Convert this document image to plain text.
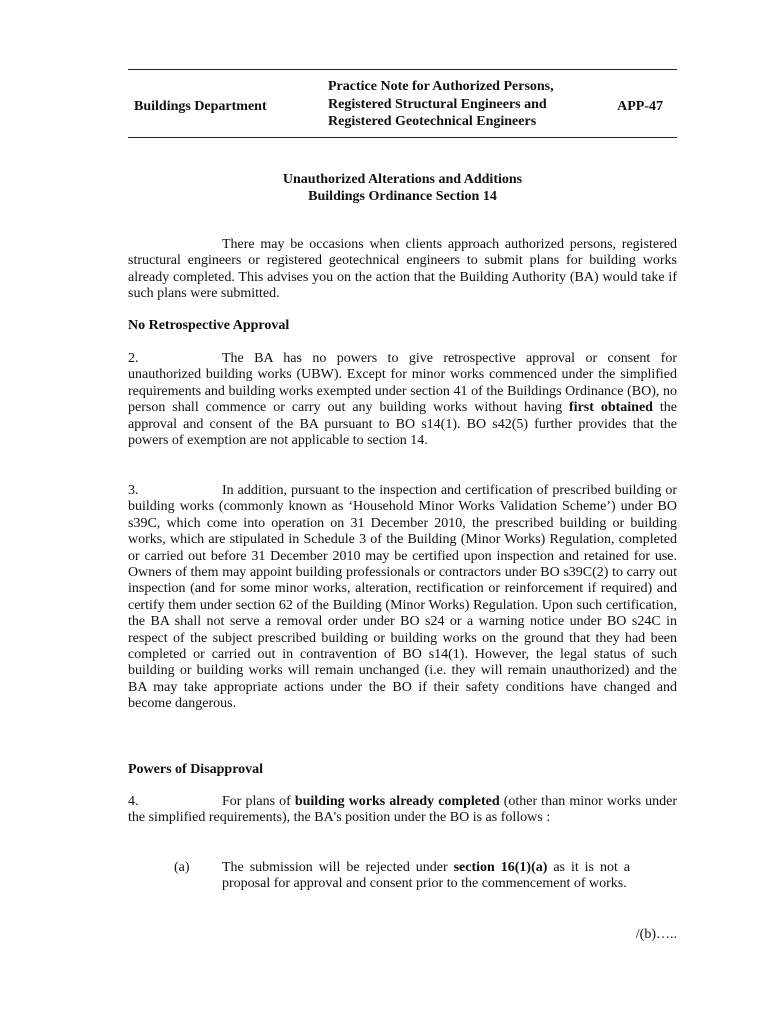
Buildings Department
Practice Note for Authorized Persons,
Registered Structural Engineers and
Registered Geotechnical Engineers
APP-47
Unauthorized Alterations and Additions
Buildings Ordinance Section 14
There may be occasions when clients approach authorized persons, registered structural engineers or registered geotechnical engineers to submit plans for building works already completed. This advises you on the action that the Building Authority (BA) would take if such plans were submitted.
No Retrospective Approval
2.	The BA has no powers to give retrospective approval or consent for unauthorized building works (UBW). Except for minor works commenced under the simplified requirements and building works exempted under section 41 of the Buildings Ordinance (BO), no person shall commence or carry out any building works without having first obtained the approval and consent of the BA pursuant to BO s14(1). BO s42(5) further provides that the powers of exemption are not applicable to section 14.
3.	In addition, pursuant to the inspection and certification of prescribed building or building works (commonly known as ‘Household Minor Works Validation Scheme’) under BO s39C, which come into operation on 31 December 2010, the prescribed building or building works, which are stipulated in Schedule 3 of the Building (Minor Works) Regulation, completed or carried out before 31 December 2010 may be certified upon inspection and retained for use. Owners of them may appoint building professionals or contractors under BO s39C(2) to carry out inspection (and for some minor works, alteration, rectification or reinforcement if required) and certify them under section 62 of the Building (Minor Works) Regulation. Upon such certification, the BA shall not serve a removal order under BO s24 or a warning notice under BO s24C in respect of the subject prescribed building or building works on the ground that they had been completed or carried out in contravention of BO s14(1). However, the legal status of such building or building works will remain unchanged (i.e. they will remain unauthorized) and the BA may take appropriate actions under the BO if their safety conditions have changed and become dangerous.
Powers of Disapproval
4.	For plans of building works already completed (other than minor works under the simplified requirements), the BA's position under the BO is as follows :
(a) The submission will be rejected under section 16(1)(a) as it is not a proposal for approval and consent prior to the commencement of works.
/(b)…..
